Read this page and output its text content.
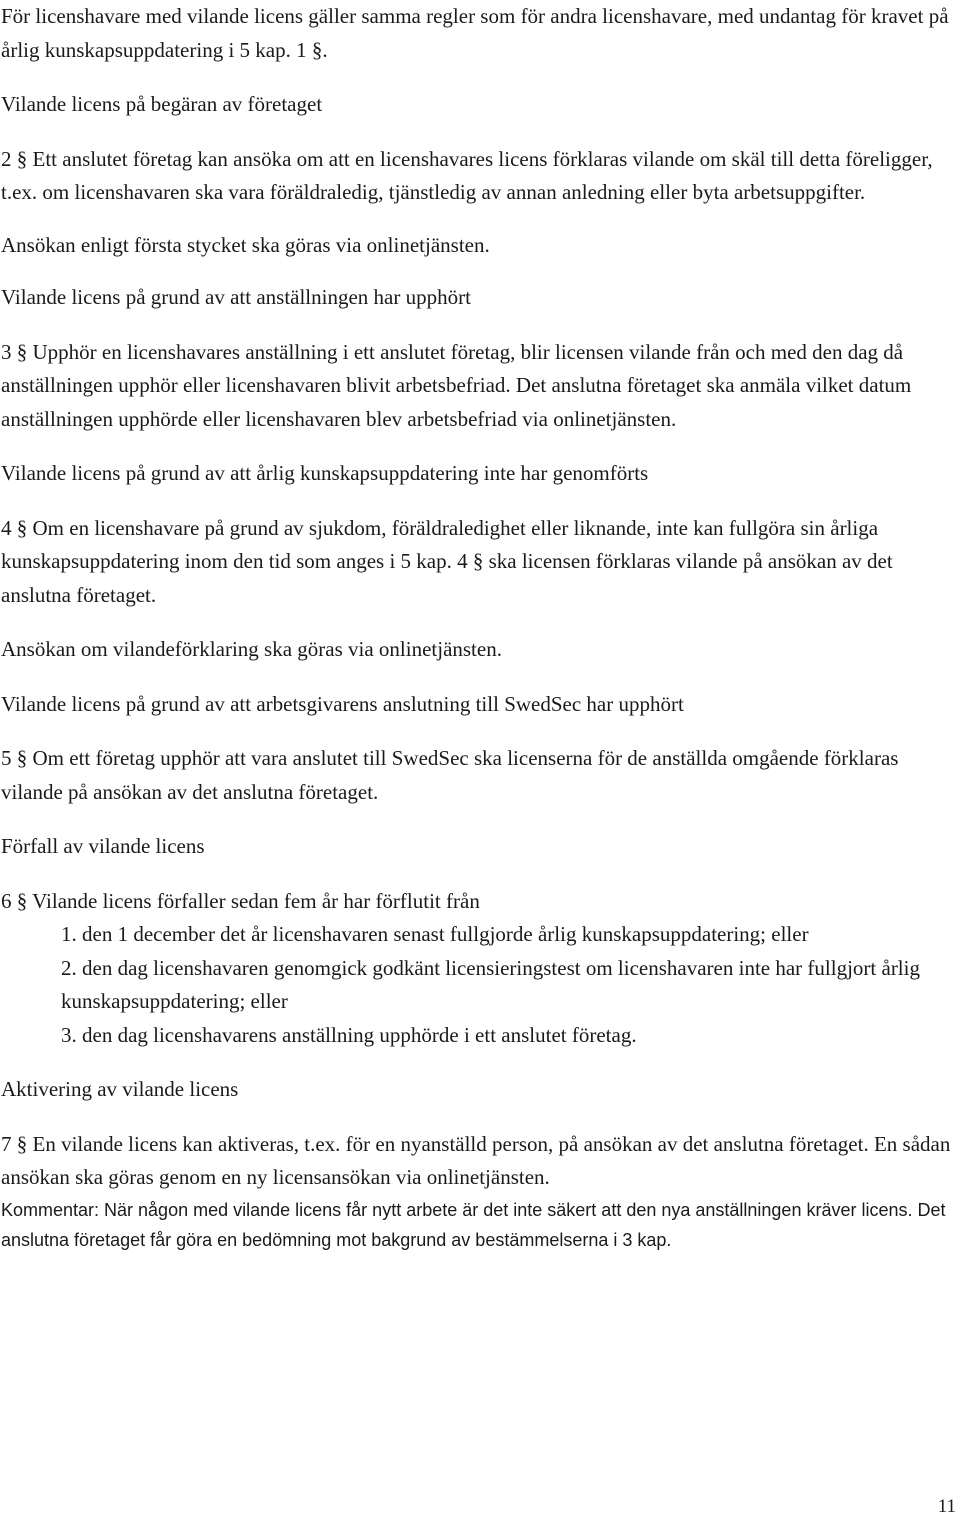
För licenshavare med vilande licens gäller samma regler som för andra licenshavare, med undantag för kravet på årlig kunskapsuppdatering i 5 kap. 1 §.

Vilande licens på begäran av företaget

2 § Ett anslutet företag kan ansöka om att en licenshavares licens förklaras vilande om skäl till detta föreligger, t.ex. om licenshavaren ska vara föräldraledig, tjänstledig av annan anledning eller byta arbetsuppgifter.

Ansökan enligt första stycket ska göras via onlinetjänsten.

Vilande licens på grund av att anställningen har upphört

3 § Upphör en licenshavares anställning i ett anslutet företag, blir licensen vilande från och med den dag då anställningen upphör eller licenshavaren blivit arbetsbefriad. Det anslutna företaget ska anmäla vilket datum anställningen upphörde eller licenshavaren blev arbetsbefriad via onlinetjänsten.

Vilande licens på grund av att årlig kunskapsuppdatering inte har genomförts

4 § Om en licenshavare på grund av sjukdom, föräldraledighet eller liknande, inte kan fullgöra sin årliga kunskapsuppdatering inom den tid som anges i 5 kap. 4 § ska licensen förklaras vilande på ansökan av det anslutna företaget.

Ansökan om vilandeförklaring ska göras via onlinetjänsten.

Vilande licens på grund av att arbetsgivarens anslutning till SwedSec har upphört

5 § Om ett företag upphör att vara anslutet till SwedSec ska licenserna för de anställda omgående förklaras vilande på ansökan av det anslutna företaget.

Förfall av vilande licens

6 § Vilande licens förfaller sedan fem år har förflutit från

1. den 1 december det år licenshavaren senast fullgjorde årlig kunskapsuppdatering; eller
2. den dag licenshavaren genomgick godkänt licensieringstest om licenshavaren inte har fullgjort årlig kunskapsuppdatering; eller
3. den dag licenshavarens anställning upphörde i ett anslutet företag.

Aktivering av vilande licens

7 § En vilande licens kan aktiveras, t.ex. för en nyanställd person, på ansökan av det anslutna företaget. En sådan ansökan ska göras genom en ny licensansökan via onlinetjänsten.

Kommentar: När någon med vilande licens får nytt arbete är det inte säkert att den nya anställningen kräver licens. Det anslutna företaget får göra en bedömning mot bakgrund av bestämmelserna i 3 kap.

11
